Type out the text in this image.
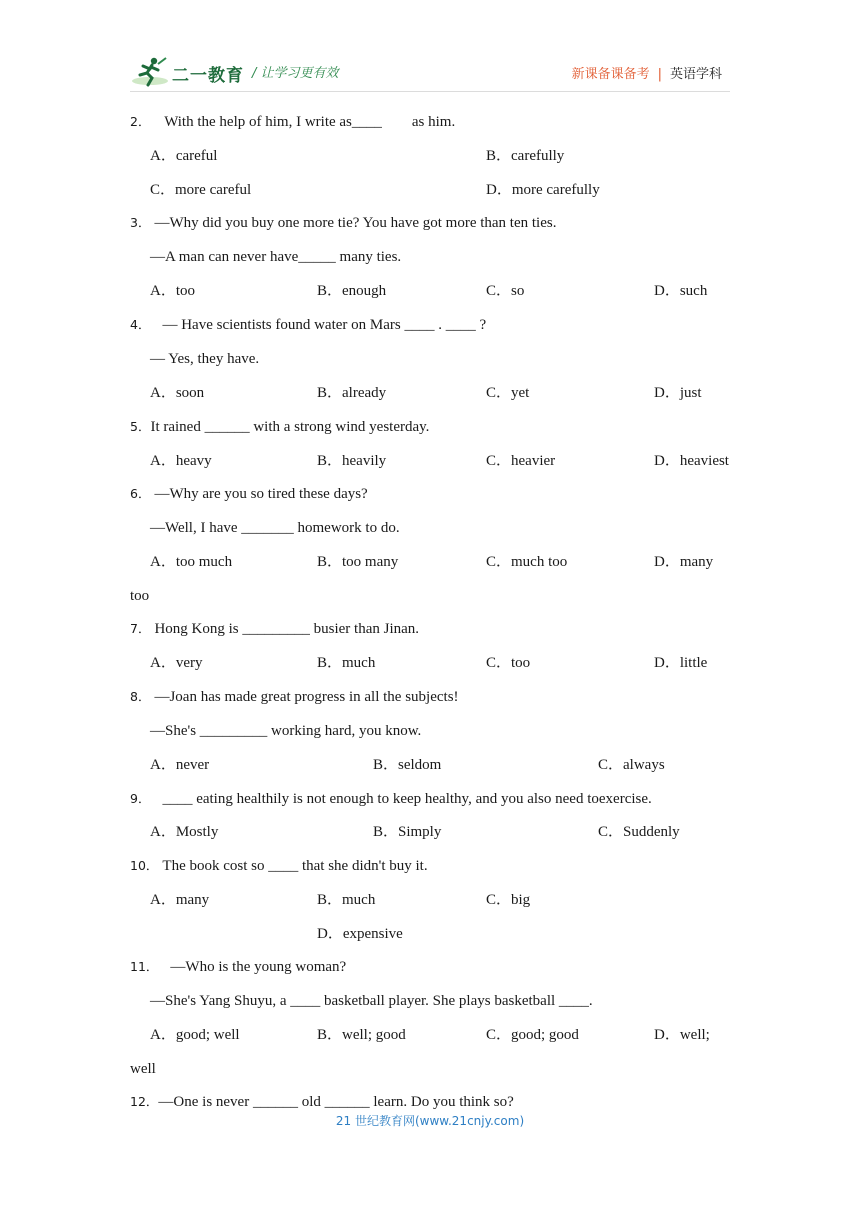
二一教育 / 让学习更有效	新课备课备考 | 英语学科
2． With the help of him, I write as____        as him.
A．careful	B．carefully
C．more careful	D．more carefully
3． —Why did you buy one more tie? You have got more than ten ties.
—A man can never have_____ many ties.
A．too	B．enough	C．so	D．such
4． — Have scientists found water on Mars ____ . ____ ?
— Yes, they have.
A．soon	B．already	C．yet	D．just
5．It rained ______ with a strong wind yesterday.
A．heavy	B．heavily	C．heavier	D．heaviest
6． —Why are you so tired these days?
—Well, I have _______ homework to do.
A．too much	B．too many	C．much too	D．many
too
7． Hong Kong is _________ busier than Jinan.
A．very	B．much	C．too	D．little
8． —Joan has made great progress in all the subjects!
—She's _________ working hard, you know.
A．never	B．seldom	C．always
9． ____ eating healthily is not enough to keep healthy, and you also need toexercise.
A．Mostly	B．Simply	C．Suddenly
10． The book cost so ____ that she didn't buy it.
A．many	B．much	C．big
D．expensive
11． —Who is the young woman?
—She's Yang Shuyu, a ____ basketball player. She plays basketball ____.
A．good; well	B．well; good	C．good; good	D．well;
well
12．—One is never ______ old ______ learn. Do you think so?
21 世纪教育网(www.21cnjy.com)
